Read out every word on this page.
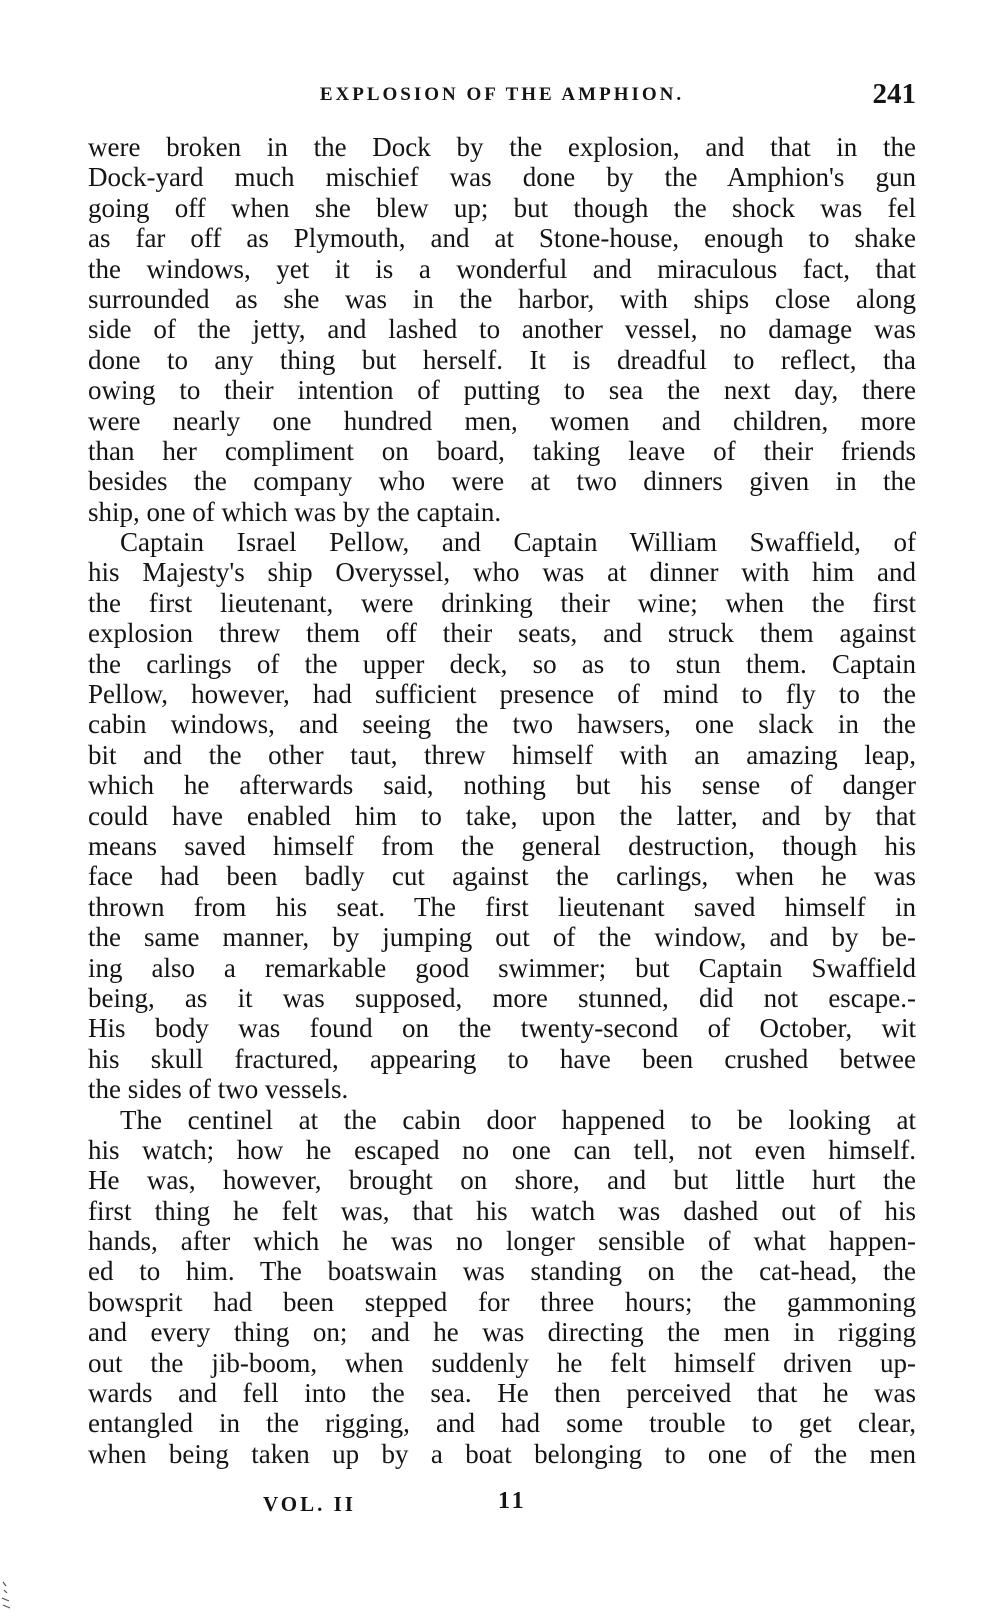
EXPLOSION OF THE AMPHION.	241
were broken in the Dock by the explosion, and that in the
Dock-yard much mischief was done by the Amphion's gun
going off when she blew up; but though the shock was fel
as far off as Plymouth, and at Stone-house, enough to shake
the windows, yet it is a wonderful and miraculous fact, that
surrounded as she was in the harbor, with ships close along
side of the jetty, and lashed to another vessel, no damage was
done to any thing but herself. It is dreadful to reflect, tha
owing to their intention of putting to sea the next day, there
were nearly one hundred men, women and children, more
than her compliment on board, taking leave of their friends
besides the company who were at two dinners given in the
ship, one of which was by the captain.
Captain Israel Pellow, and Captain William Swaffield, of
his Majesty's ship Overyssel, who was at dinner with him and
the first lieutenant, were drinking their wine; when the first
explosion threw them off their seats, and struck them against
the carlings of the upper deck, so as to stun them. Captain
Pellow, however, had sufficient presence of mind to fly to the
cabin windows, and seeing the two hawsers, one slack in the
bit and the other taut, threw himself with an amazing leap,
which he afterwards said, nothing but his sense of danger
could have enabled him to take, upon the latter, and by that
means saved himself from the general destruction, though his
face had been badly cut against the carlings, when he was
thrown from his seat. The first lieutenant saved himself in
the same manner, by jumping out of the window, and by be-
ing also a remarkable good swimmer; but Captain Swaffield
being, as it was supposed, more stunned, did not escape.-
His body was found on the twenty-second of October, wit
his skull fractured, appearing to have been crushed betwee
the sides of two vessels.
The centinel at the cabin door happened to be looking at
his watch; how he escaped no one can tell, not even himself.
He was, however, brought on shore, and but little hurt the
first thing he felt was, that his watch was dashed out of his
hands, after which he was no longer sensible of what happen-
ed to him. The boatswain was standing on the cat-head, the
bowsprit had been stepped for three hours; the gammoning
and every thing on; and he was directing the men in rigging
out the jib-boom, when suddenly he felt himself driven up-
wards and fell into the sea. He then perceived that he was
entangled in the rigging, and had some trouble to get clear,
when being taken up by a boat belonging to one of the men
VOL. II	11
